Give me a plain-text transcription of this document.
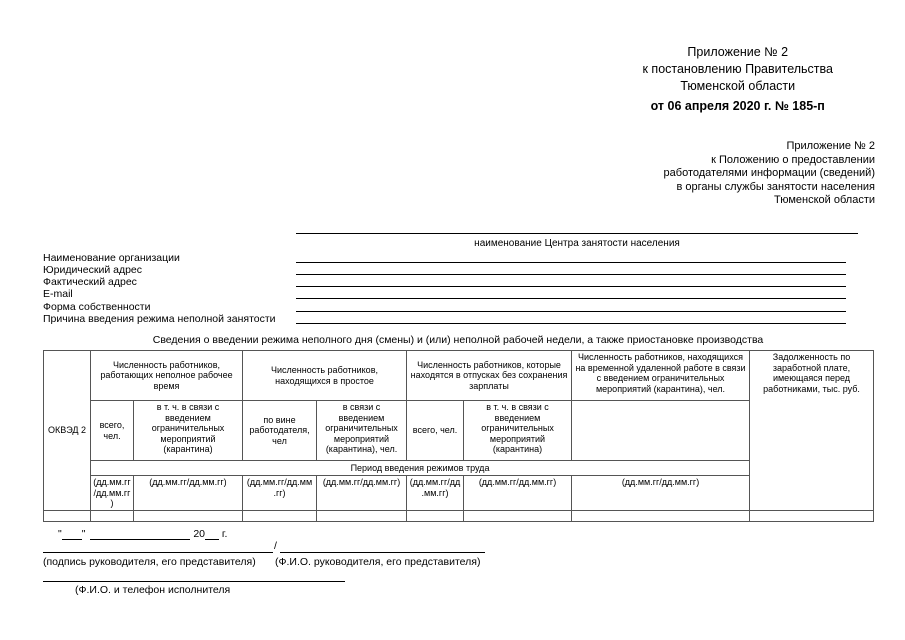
Приложение № 2
к постановлению Правительства
Тюменской области
от 06 апреля 2020 г. № 185-п
Приложение № 2
к Положению о предоставлении
работодателями информации (сведений)
в органы службы занятости населения
Тюменской области
наименование Центра занятости населения
Наименование организации
Юридический адрес
Фактический адрес
E-mail
Форма собственности
Причина введения режима неполной занятости
Сведения о введении режима неполного дня (смены) и (или) неполной рабочей недели, а также приостановке производства
ОКВЭД 2	Численность работников, работающих неполное рабочее время		Численность работников, находящихся в простое		Численность работников, которые находятся в отпусках без сохранения зарплаты		Численность работников, находящихся на временной удаленной работе в связи с введением ограничительных мероприятий (карантина), чел.	Задолженность по заработной плате, имеющаяся перед работниками, тыс. руб.
	всего, чел.	в т. ч. в связи с введением ограничительных мероприятий (карантина)	по вине работодателя, чел	в связи с введением ограничительных мероприятий (карантина), чел.	всего, чел.	в т. ч. в связи с введением ограничительных мероприятий (карантина)		
	Период введения режимов труда							
	(дд.мм.гг /дд.мм.гг )	(дд.мм.гг/дд.мм.гг)	(дд.мм.гг/дд.мм .гг)	(дд.мм.гг/дд.мм.гг)	(дд.мм.гг/дд .мм.гг)	(дд.мм.гг/дд.мм.гг)	(дд.мм.гг/дд.мм.гг)	

" "	20 г.
/
(подпись руководителя, его представителя) (Ф.И.О. руководителя, его представителя)
(Ф.И.О. и телефон исполнителя
